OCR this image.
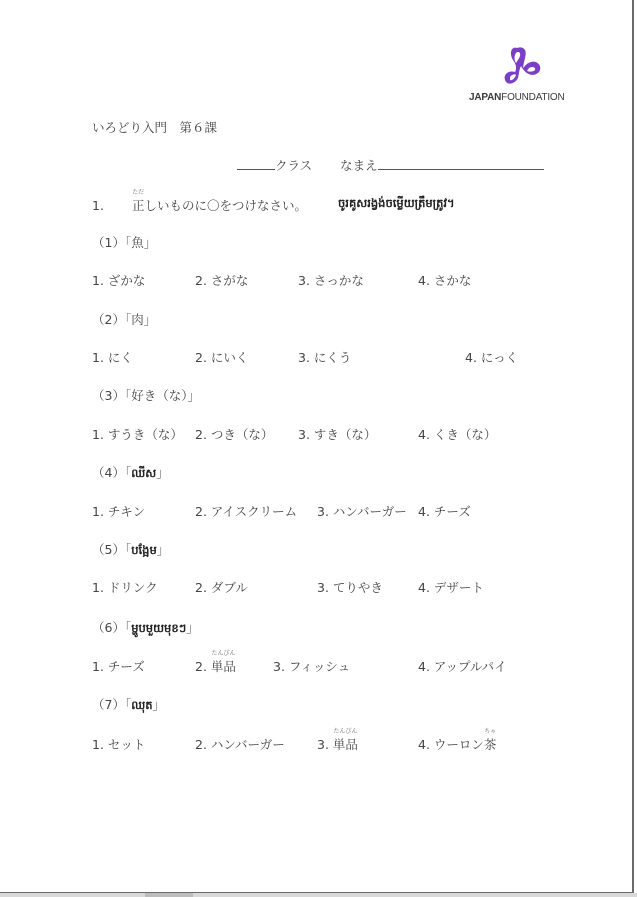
JAPANFOUNDATION
いろどり入門　第６課
クラス なまえ
1.
ただ
正しいものに〇をつけなさい。	ចូរគូសរង្វង់ចម្លើយត្រឹមត្រូវ។
（1）「魚」
1. ざかな	2. さがな	3. さっかな	4. さかな
（2）「肉」
1. にく	2. にいく	3. にくう	4. にっく
（3）「好き（な）」
1. すうき（な） 2. つき（な） 3. すき（な）	4. くき（な）
（4）「ឈីស」
1. チキン	2. アイスクリーム 3. ハンバーガー 4. チーズ
（5）「បង្អែម」
1. ドリンク	2. ダブル	3. てりやき	4. デザート
（6）「ម្ហូបមួយមុខៗ」
1. チーズ	2.
たんぴん
単品	3. フィッシュ	4. アップルパイ
（7）「ឈុត」
1. セット	2. ハンバーガー	3.
たんぴん
単品	4. ウーロン
ちゃ
茶
